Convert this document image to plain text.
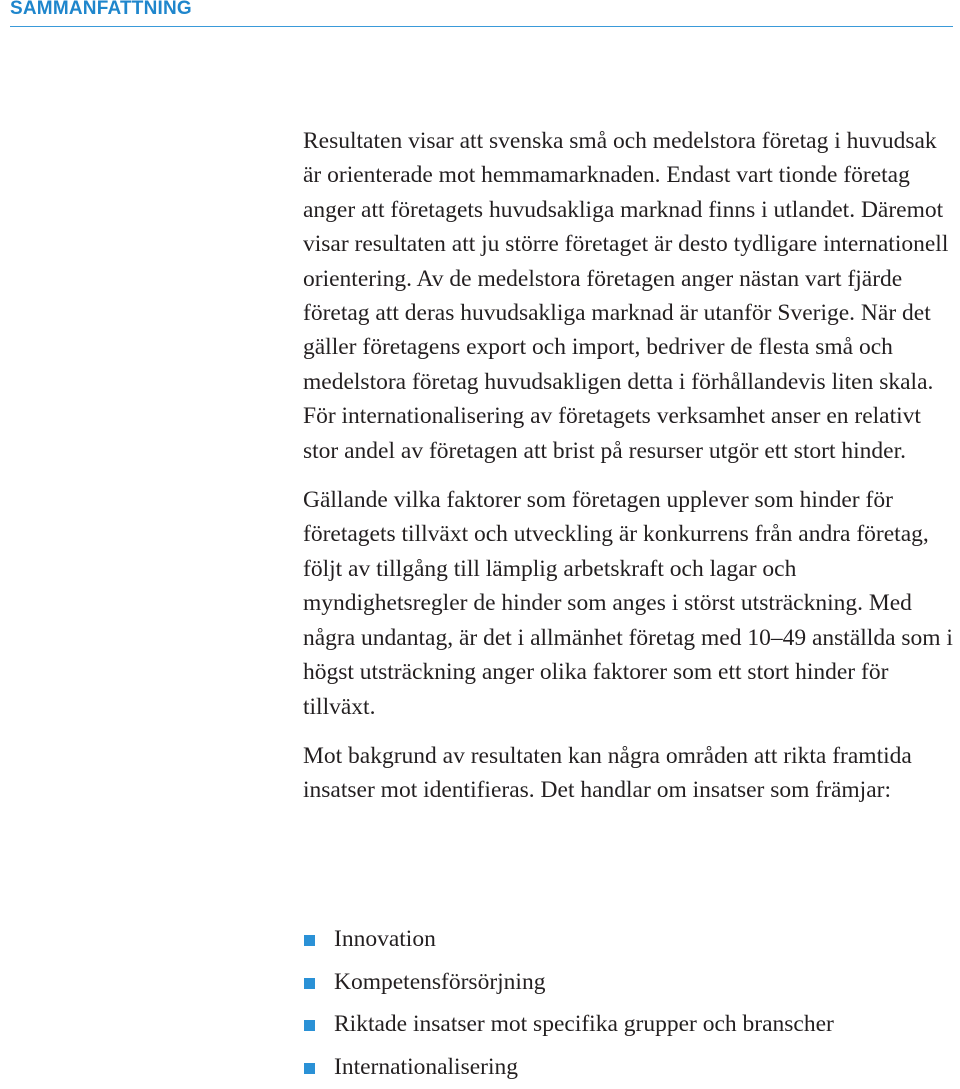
SAMMANFATTNING

Resultaten visar att svenska små och medelstora företag i huvudsak är orienterade mot hemmamarknaden. Endast vart tionde företag anger att företagets huvudsakliga marknad finns i utlandet. Däremot visar resultaten att ju större företaget är desto tydligare internationell orientering. Av de medelstora företagen anger nästan vart fjärde företag att deras huvudsakliga marknad är utanför Sverige. När det gäller företagens export och import, bedriver de flesta små och medelstora företag huvudsakligen detta i förhållandevis liten skala. För internationalisering av företagets verksamhet anser en relativt stor andel av företagen att brist på resurser utgör ett stort hinder.

Gällande vilka faktorer som företagen upplever som hinder för företagets tillväxt och utveckling är konkurrens från andra företag, följt av tillgång till lämplig arbetskraft och lagar och myndighetsregler de hinder som anges i störst utsträckning. Med några undantag, är det i allmänhet företag med 10–49 anställda som i högst utsträckning anger olika faktorer som ett stort hinder för tillväxt.

Mot bakgrund av resultaten kan några områden att rikta framtida insatser mot identifieras. Det handlar om insatser som främjar:

Innovation
Kompetensförsörjning
Riktade insatser mot specifika grupper och branscher
Internationalisering
